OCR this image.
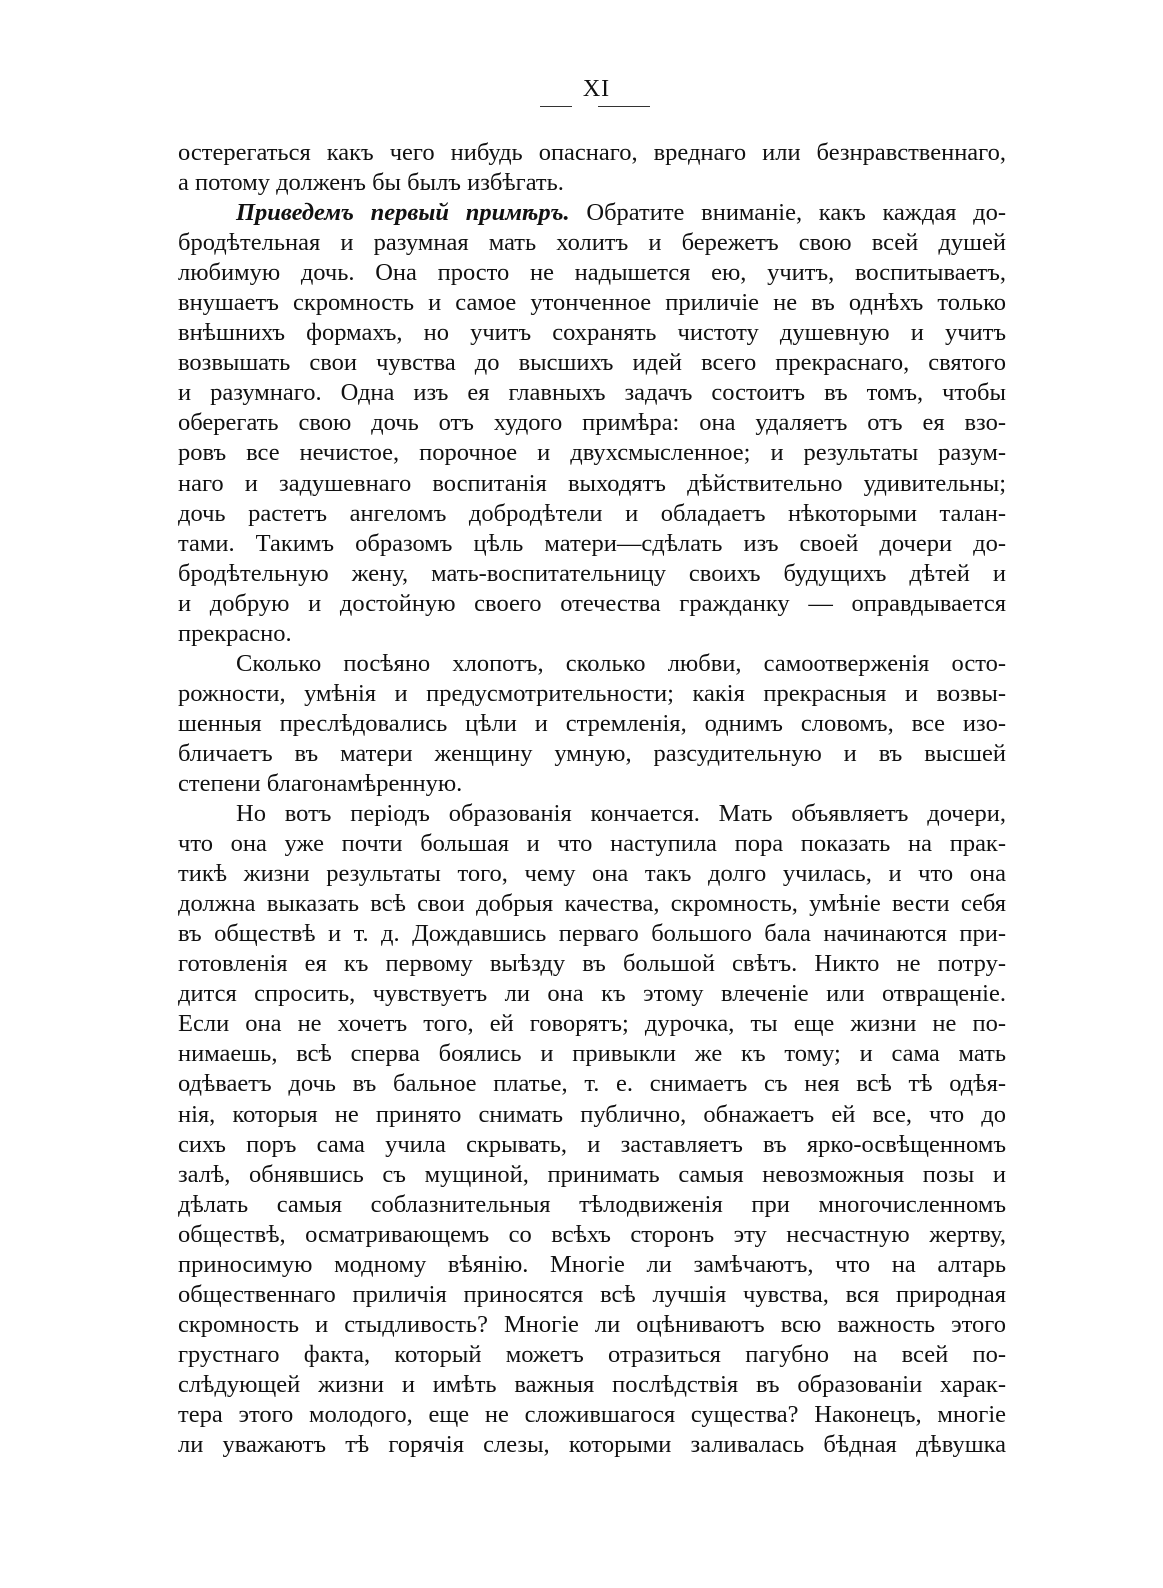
XI
остерегаться какъ чего нибудь опаснаго, вреднаго или безнравственнаго,
а потому долженъ бы былъ избѣгать.
Приведемъ первый примѣръ. Обратите вниманіе, какъ каждая до-
бродѣтельная и разумная мать холитъ и бережетъ свою всей душей
любимую дочь. Она просто не надышется ею, учитъ, воспитываетъ,
внушаетъ скромность и самое утонченное приличіе не въ однѣхъ только
внѣшнихъ формахъ, но учитъ сохранять чистоту душевную и учитъ
возвышать свои чувства до высшихъ идей всего прекраснаго, святого
и разумнаго. Одна изъ ея главныхъ задачъ состоитъ въ томъ, чтобы
оберегать свою дочь отъ худого примѣра: она удаляетъ отъ ея взо-
ровъ все нечистое, порочное и двухсмысленное; и результаты разум-
наго и задушевнаго воспитанія выходятъ дѣйствительно удивительны;
дочь растетъ ангеломъ добродѣтели и обладаетъ нѣкоторыми талан-
тами. Такимъ образомъ цѣль матери—сдѣлать изъ своей дочери до-
бродѣтельную жену, мать-воспитательницу своихъ будущихъ дѣтей и
и добрую и достойную своего отечества гражданку — оправдывается
прекрасно.
Сколько посѣяно хлопотъ, сколько любви, самоотверженія осто-
рожности, умѣнія и предусмотрительности; какія прекрасныя и возвы-
шенныя преслѣдовались цѣли и стремленія, однимъ словомъ, все изо-
бличаетъ въ матери женщину умную, разсудительную и въ высшей
степени благонамѣренную.
Но вотъ періодъ образованія кончается. Мать объявляетъ дочери,
что она уже почти большая и что наступила пора показать на прак-
тикѣ жизни результаты того, чему она такъ долго училась, и что она
должна выказать всѣ свои добрыя качества, скромность, умѣніе вести себя
въ обществѣ и т. д. Дождавшись перваго большого бала начинаются при-
готовленія ея къ первому выѣзду въ большой свѣтъ. Никто не потру-
дится спросить, чувствуетъ ли она къ этому влеченіе или отвращеніе.
Если она не хочетъ того, ей говорятъ; дурочка, ты еще жизни не по-
нимаешь, всѣ сперва боялись и привыкли же къ тому; и сама мать
одѣваетъ дочь въ бальное платье, т. е. снимаетъ съ нея всѣ тѣ одѣя-
нія, которыя не принято снимать публично, обнажаетъ ей все, что до
сихъ поръ сама учила скрывать, и заставляетъ въ ярко-освѣщенномъ
залѣ, обнявшись съ мущиной, принимать самыя невозможныя позы и
дѣлать самыя соблазнительныя тѣлодвиженія при многочисленномъ
обществѣ, осматривающемъ со всѣхъ сторонъ эту несчастную жертву,
приносимую модному вѣянію. Многіе ли замѣчаютъ, что на алтарь
общественнаго приличія приносятся всѣ лучшія чувства, вся природная
скромность и стыдливость? Многіе ли оцѣниваютъ всю важность этого
грустнаго факта, который можетъ отразиться пагубно на всей по-
слѣдующей жизни и имѣть важныя послѣдствія въ образованіи харак-
тера этого молодого, еще не сложившагося существа? Наконецъ, многіе
ли уважаютъ тѣ горячія слезы, которыми заливалась бѣдная дѣвушка
